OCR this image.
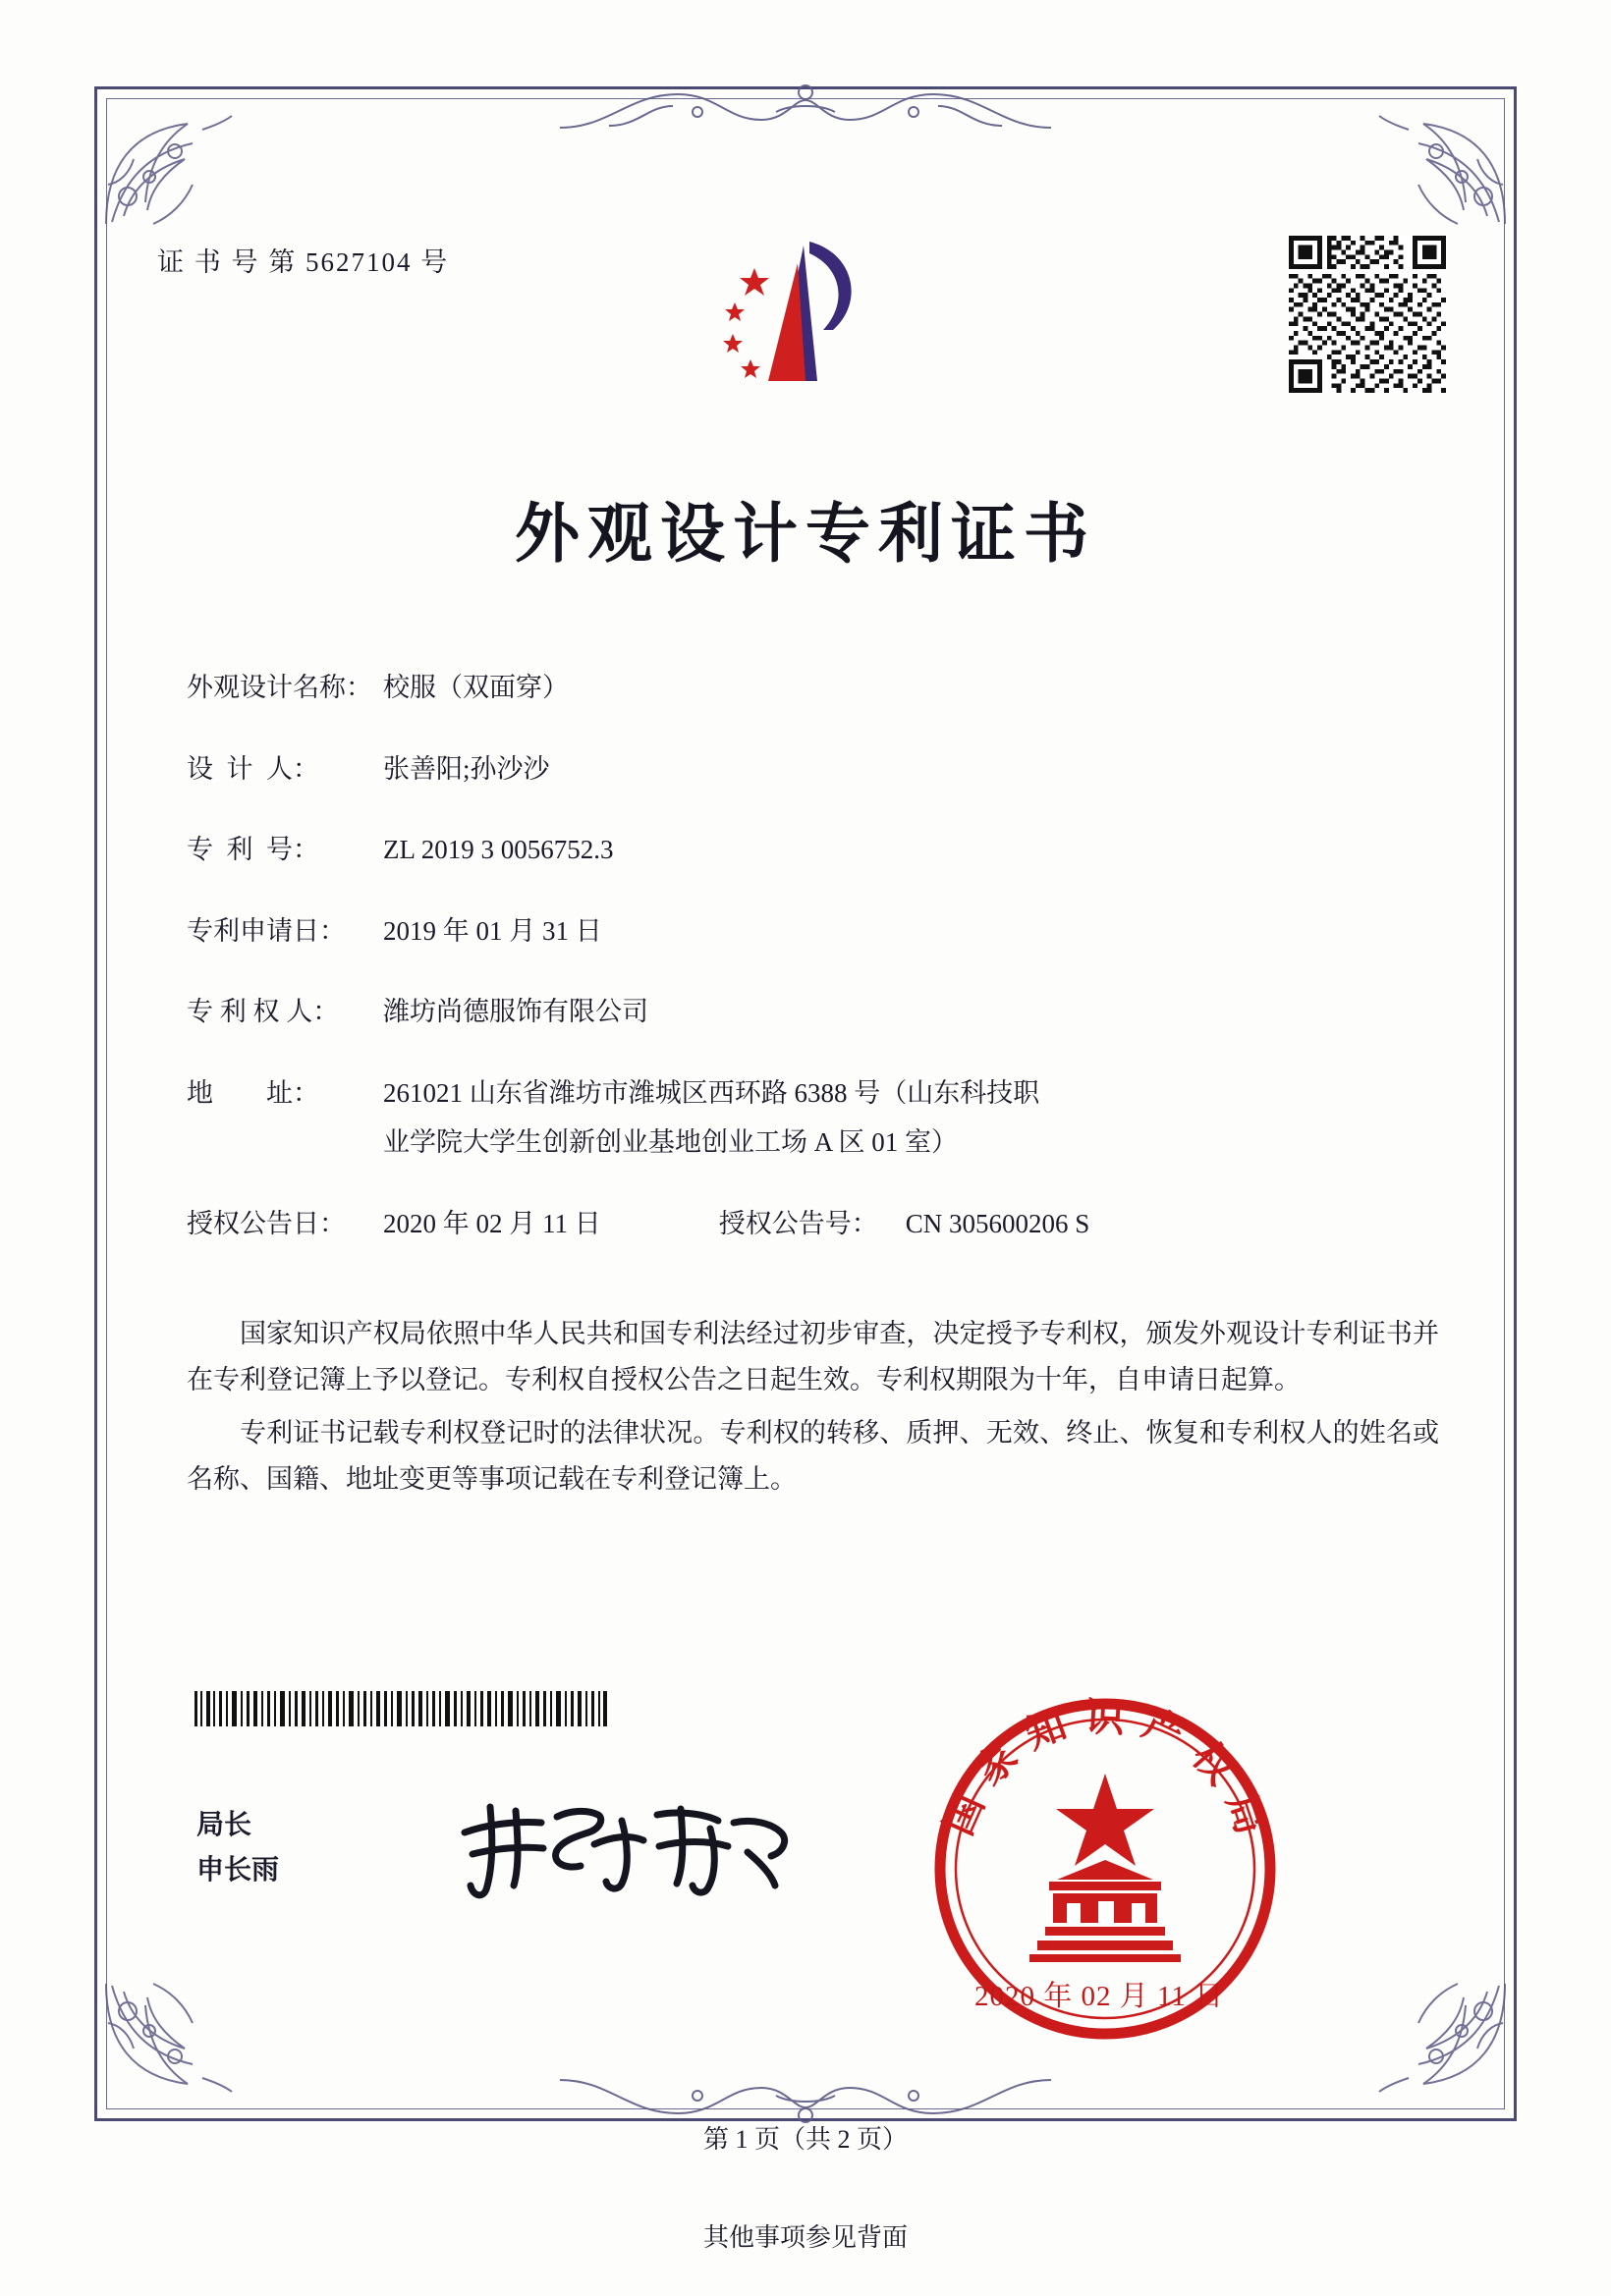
证 书 号 第 5627104 号
外观设计专利证书
外观设计名称： 校服（双面穿）
设  计  人：	张善阳;孙沙沙
专  利  号：	ZL 2019 3 0056752.3
专利申请日：	2019 年 01 月 31 日
专 利 权 人：	潍坊尚德服饰有限公司
地        址：	261021 山东省潍坊市潍城区西环路 6388 号（山东科技职
业学院大学生创新创业基地创业工场 A 区 01 室）
授权公告日：	2020 年 02 月 11 日	授权公告号：	CN 305600206 S

国家知识产权局依照中华人民共和国专利法经过初步审查，决定授予专利权，颁发外观设计专利证书并在专利登记簿上予以登记。专利权自授权公告之日起生效。专利权期限为十年，自申请日起算。

专利证书记载专利权登记时的法律状况。专利权的转移、质押、无效、终止、恢复和专利权人的姓名或名称、国籍、地址变更等事项记载在专利登记簿上。

局长
申长雨
国家知识产权局
2020 年 02 月 11 日
第 1 页（共 2 页）
其他事项参见背面
